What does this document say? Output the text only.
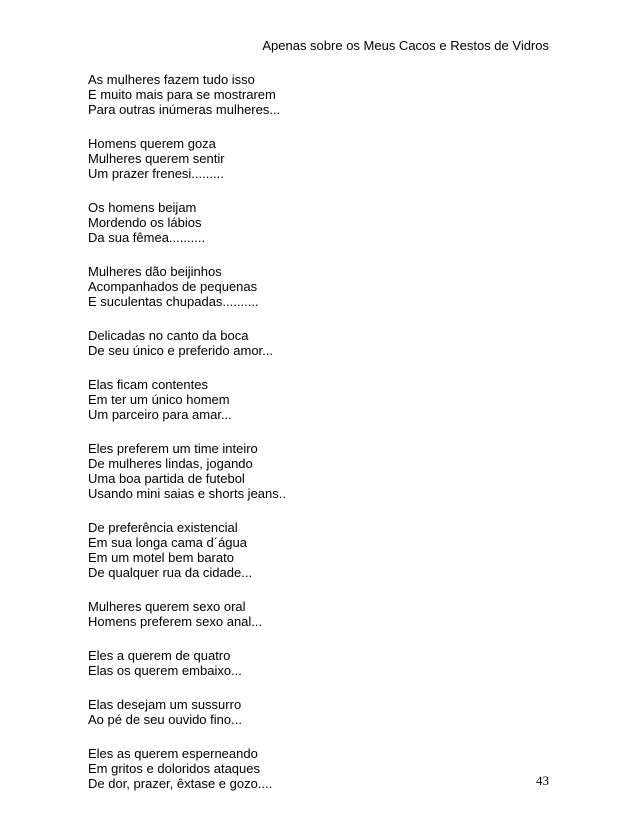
Apenas sobre os Meus Cacos e Restos de Vidros
As mulheres fazem tudo isso
E muito mais para se mostrarem
Para outras inúmeras mulheres...
Homens querem goza
Mulheres querem sentir
Um prazer frenesi.........
Os homens beijam
Mordendo os lábios
Da sua fêmea..........
Mulheres dão beijinhos
Acompanhados de pequenas
E suculentas chupadas..........
Delicadas no canto da boca
De seu único e preferido amor...
Elas ficam contentes
Em ter um único homem
Um parceiro para amar...
Eles preferem um time inteiro
De mulheres lindas, jogando
Uma boa partida de futebol
Usando mini saias e shorts jeans..
De preferência existencial
Em sua longa cama d´água
Em um motel bem barato
De qualquer rua da cidade...
Mulheres querem sexo oral
Homens preferem sexo anal...
Eles a querem de quatro
Elas os querem embaixo...
Elas desejam um sussurro
Ao pé de seu ouvido fino...
Eles as querem esperneando
Em gritos e doloridos ataques
De dor, prazer, êxtase e gozo....	43
